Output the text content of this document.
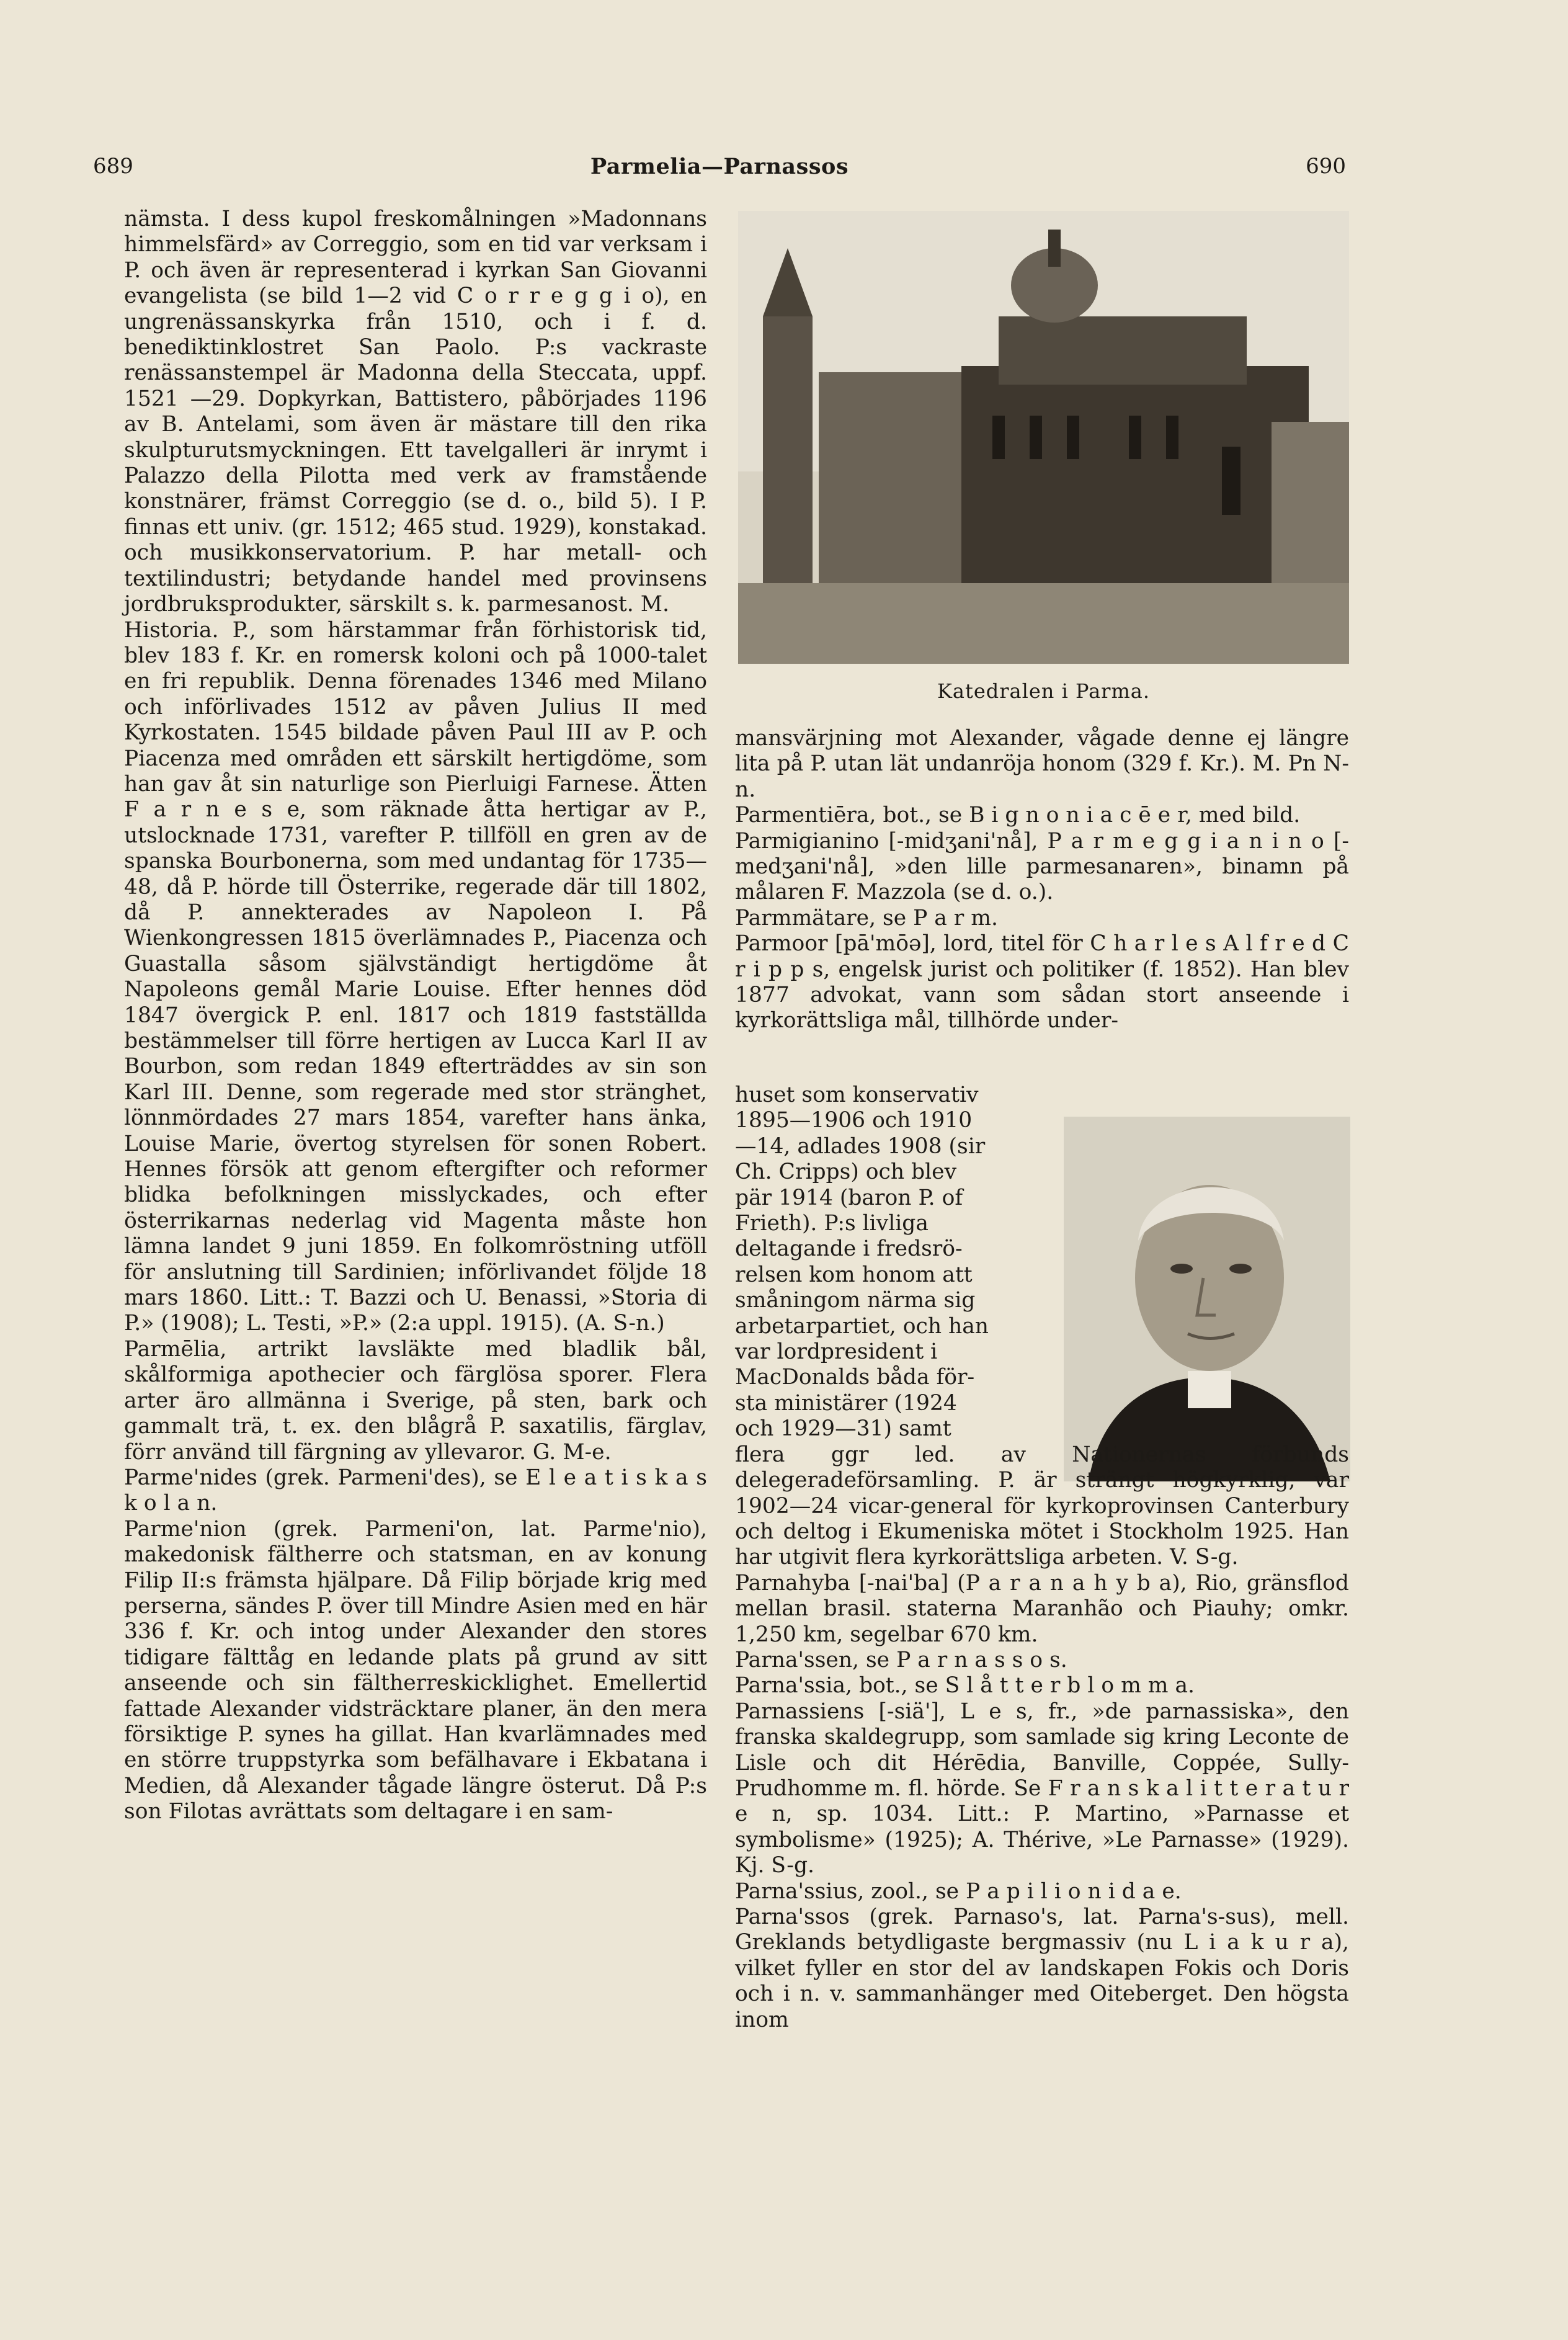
689	Parmelia—Parnassos	690

nämsta. I dess kupol freskomålningen »Madonnans himmelsfärd» av Correggio, som en tid var verksam i P. och även är representerad i kyrkan San Giovanni evangelista (se bild 1—2 vid C o r r e g g i o), en ungrenässanskyrka från 1510, och i f. d. benediktinklostret San Paolo. P:s vackraste renässanstempel är Madonna della Steccata, uppf. 1521 —29. Dopkyrkan, Battistero, påbörjades 1196 av B. Antelami, som även är mästare till den rika skulpturutsmyckningen. Ett tavelgalleri är inrymt i Palazzo della Pilotta med verk av framstående konstnärer, främst Correggio (se d. o., bild 5). I P. finnas ett univ. (gr. 1512; 465 stud. 1929), konstakad. och musikkonservatorium. P. har metall- och textilindustri; betydande handel med provinsens jordbruksprodukter, särskilt s. k. parmesanost. M.

Historia. P., som härstammar från förhistorisk tid, blev 183 f. Kr. en romersk koloni och på 1000-talet en fri republik. Denna förenades 1346 med Milano och införlivades 1512 av påven Julius II med Kyrkostaten. 1545 bildade påven Paul III av P. och Piacenza med områden ett särskilt hertigdöme, som han gav åt sin naturlige son Pierluigi Farnese. Ätten F a r n e s e, som räknade åtta hertigar av P., utslocknade 1731, varefter P. tillföll en gren av de spanska Bourbonerna, som med undantag för 1735—48, då P. hörde till Österrike, regerade där till 1802, då P. annekterades av Napoleon I. På Wienkongressen 1815 överlämnades P., Piacenza och Guastalla såsom självständigt hertigdöme åt Napoleons gemål Marie Louise. Efter hennes död 1847 övergick P. enl. 1817 och 1819 fastställda bestämmelser till förre hertigen av Lucca Karl II av Bourbon, som redan 1849 efterträddes av sin son Karl III. Denne, som regerade med stor stränghet, lönnmördades 27 mars 1854, varefter hans änka, Louise Marie, övertog styrelsen för sonen Robert. Hennes försök att genom eftergifter och reformer blidka befolkningen misslyckades, och efter österrikarnas nederlag vid Magenta måste hon lämna landet 9 juni 1859. En folkomröstning utföll för anslutning till Sardinien; införlivandet följde 18 mars 1860. Litt.: T. Bazzi och U. Benassi, »Storia di P.» (1908); L. Testi, »P.» (2:a uppl. 1915). (A. S-n.)

Parmēlia, artrikt lavsläkte med bladlik bål, skålformiga apothecier och färglösa sporer. Flera arter äro allmänna i Sverige, på sten, bark och gammalt trä, t. ex. den blågrå P. saxatilis, färglav, förr använd till färgning av yllevaror. G. M-e.

Parme'nides (grek. Parmeni'des), se E l e a t i s k a s k o l a n.

Parme'nion (grek. Parmeni'on, lat. Parme'nio), makedonisk fältherre och statsman, en av konung Filip II:s främsta hjälpare. Då Filip började krig med perserna, sändes P. över till Mindre Asien med en här 336 f. Kr. och intog under Alexander den stores tidigare fälttåg en ledande plats på grund av sitt anseende och sin fältherreskicklighet. Emellertid fattade Alexander vidsträcktare planer, än den mera försiktige P. synes ha gillat. Han kvarlämnades med en större truppstyrka som befälhavare i Ekbatana i Medien, då Alexander tågade längre österut. Då P:s son Filotas avrättats som deltagare i en sam-

Katedralen i Parma.

mansvärjning mot Alexander, vågade denne ej längre lita på P. utan lät undanröja honom (329 f. Kr.). M. Pn N-n.

Parmentiēra, bot., se B i g n o n i a c ē e r, med bild.

Parmigianino [-midʒani'nå], P a r m e g g i a n i n o [-medʒani'nå], »den lille parmesanaren», binamn på målaren F. Mazzola (se d. o.).

Parmmätare, se P a r m.

Parmoor [pā'mōə], lord, titel för C h a r l e s A l f r e d C r i p p s, engelsk jurist och politiker (f. 1852). Han blev 1877 advokat, vann som sådan stort anseende i kyrkorättsliga mål, tillhörde under-

huset som konservativ
1895—1906 och 1910
—14, adlades 1908 (sir
Ch. Cripps) och blev
pär 1914 (baron P. of
Frieth). P:s livliga
deltagande i fredsrö-
relsen kom honom att
småningom närma sig
arbetarpartiet, och han
var lordpresident i
MacDonalds båda för-
sta ministärer (1924
och 1929—31) samt

flera ggr led. av Nationernas förbunds delegeradeförsamling. P. är strängt högkyrklig, var 1902—24 vicar-general för kyrkoprovinsen Canterbury och deltog i Ekumeniska mötet i Stockholm 1925. Han har utgivit flera kyrkorättsliga arbeten. V. S-g.

Parnahyba [-nai'ba] (P a r a n a h y b a), Rio, gränsflod mellan brasil. staterna Maranhão och Piauhy; omkr. 1,250 km, segelbar 670 km.

Parna'ssen, se P a r n a s s o s.

Parna'ssia, bot., se S l å t t e r b l o m m a.

Parnassiens [-siä'], L e s, fr., »de parnassiska», den franska skaldegrupp, som samlade sig kring Leconte de Lisle och dit Hérēdia, Banville, Coppée, Sully-Prudhomme m. fl. hörde. Se F r a n s k a l i t t e r a t u r e n, sp. 1034. Litt.: P. Martino, »Parnasse et symbolisme» (1925); A. Thérive, »Le Parnasse» (1929). Kj. S-g.

Parna'ssius, zool., se P a p i l i o n i d a e.

Parna'ssos (grek. Parnaso's, lat. Parna's-sus), mell. Greklands betydligaste bergmassiv (nu L i a k u r a), vilket fyller en stor del av landskapen Fokis och Doris och i n. v. sammanhänger med Oiteberget. Den högsta inom
